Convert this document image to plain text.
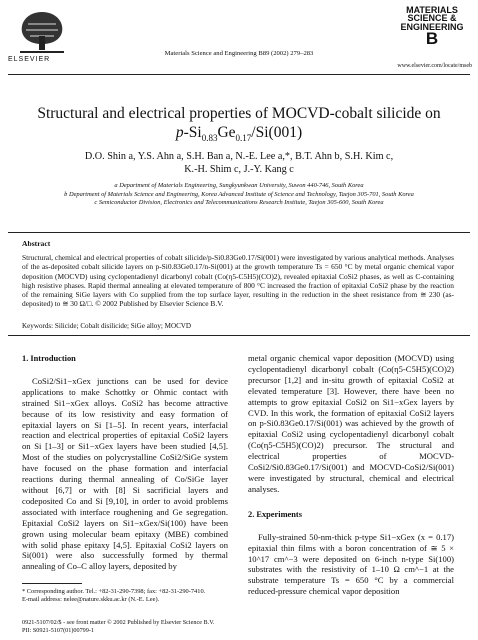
ELSEVIER
Materials Science and Engineering B89 (2002) 279–283
MATERIALS
SCIENCE &
ENGINEERING
B
www.elsevier.com/locate/mseb
Structural and electrical properties of MOCVD-cobalt silicide on
$p-Si_{0.83}Ge_{0.17}/Si(001)$
D.O. Shin a, Y.S. Ahn a, S.H. Ban a, N.-E. Lee a,*, B.T. Ahn b, S.H. Kim c,
K.-H. Shim c, J.-Y. Kang c
a Department of Materials Engineering, Sungkyunkwan University, Suwon 440-746, South Korea
b Department of Materials Science and Engineering, Korea Advanced Institute of Science and Technology, Taejon 305-701, South Korea
c Semiconductor Division, Electronics and Telecommunications Research Institute, Taejon 305-600, South Korea
Abstract
Structural, chemical and electrical properties of cobalt silicide/p-Si0.83Ge0.17/Si(001) were investigated by various analytical methods. Analyses of the as-deposited cobalt silicide layers on p-Si0.83Ge0.17/n-Si(001) at the growth temperature Ts = 650 °C by metal organic chemical vapor deposition (MOCVD) using cyclopentadienyl dicarbonyl cobalt (Co(η5-C5H5)(CO)2), revealed epitaxial CoSi2 phases, as well as C-containing high resistive phases. Rapid thermal annealing at elevated temperature of 800 °C increased the fraction of epitaxial CoSi2 phase by the reaction of the remaining SiGe layers with Co supplied from the top surface layer, resulting in the reduction in the sheet resistance from ≅ 230 (as-deposited) to ≅ 30 Ω/□. © 2002 Published by Elsevier Science B.V.
Keywords: Silicide; Cobalt disilicide; SiGe alloy; MOCVD
1. Introduction
CoSi2/Si1−xGex junctions can be used for device applications to make Schottky or Ohmic contact with strained Si1−xGex alloys. CoSi2 has become attractive because of its low resistivity and easy formation of epitaxial layers on Si [1–5]. In recent years, interfacial reaction and electrical properties of epitaxial CoSi2 layers on Si [1–3] or Si1−xGex layers have been studied [4,5]. Most of the studies on polycrystalline CoSi2/SiGe system have focused on the phase formation and interfacial reactions during thermal annealing of Co/SiGe layer without [6,7] or with [8] Si sacrificial layers and codeposited Co and Si [9,10], in order to avoid problems associated with interface roughening and Ge segregation. Epitaxial CoSi2 layers on Si1−xGex/Si(100) have been grown using molecular beam epitaxy (MBE) combined with solid phase epitaxy [4,5]. Epitaxial CoSi2 layers on Si(001) were also successfully formed by thermal annealing of Co–C alloy layers, deposited by
* Corresponding author. Tel.: +82-31-290-7398; fax: +82-31-290-7410.
E-mail address: nelee@nature.skku.ac.kr (N.-E. Lee).
metal organic chemical vapor deposition (MOCVD) using cyclopentadienyl dicarbonyl cobalt (Co(η5-C5H5)(CO)2) precursor [1,2] and in-situ growth of epitaxial CoSi2 at elevated temperature [3]. However, there have been no attempts to grow epitaxial CoSi2 on Si1−xGex layers by CVD. In this work, the formation of epitaxial CoSi2 layers on p-Si0.83Ge0.17/Si(001) was achieved by the growth of epitaxial CoSi2 using cyclopentadienyl dicarbonyl cobalt (Co(η5-C5H5)(CO)2) precursor. The structural and electrical properties of MOCVD-CoSi2/Si0.83Ge0.17/Si(001) and MOCVD-CoSi2/Si(001) were investigated by structural, chemical and electrical analyses.
2. Experiments
Fully-strained 50-nm-thick p-type Si1−xGex (x = 0.17) epitaxial thin films with a boron concentration of ≅ 5 × 10^17 cm^−3 were deposited on 6-inch n-type Si(100) substrates with the resistivity of 1–10 Ω cm^−1 at the substrate temperature Ts = 650 °C by a commercial reduced-pressure chemical vapor deposition
0921-5107/02/$ - see front matter © 2002 Published by Elsevier Science B.V.
PII: S0921-5107(01)00799-1
